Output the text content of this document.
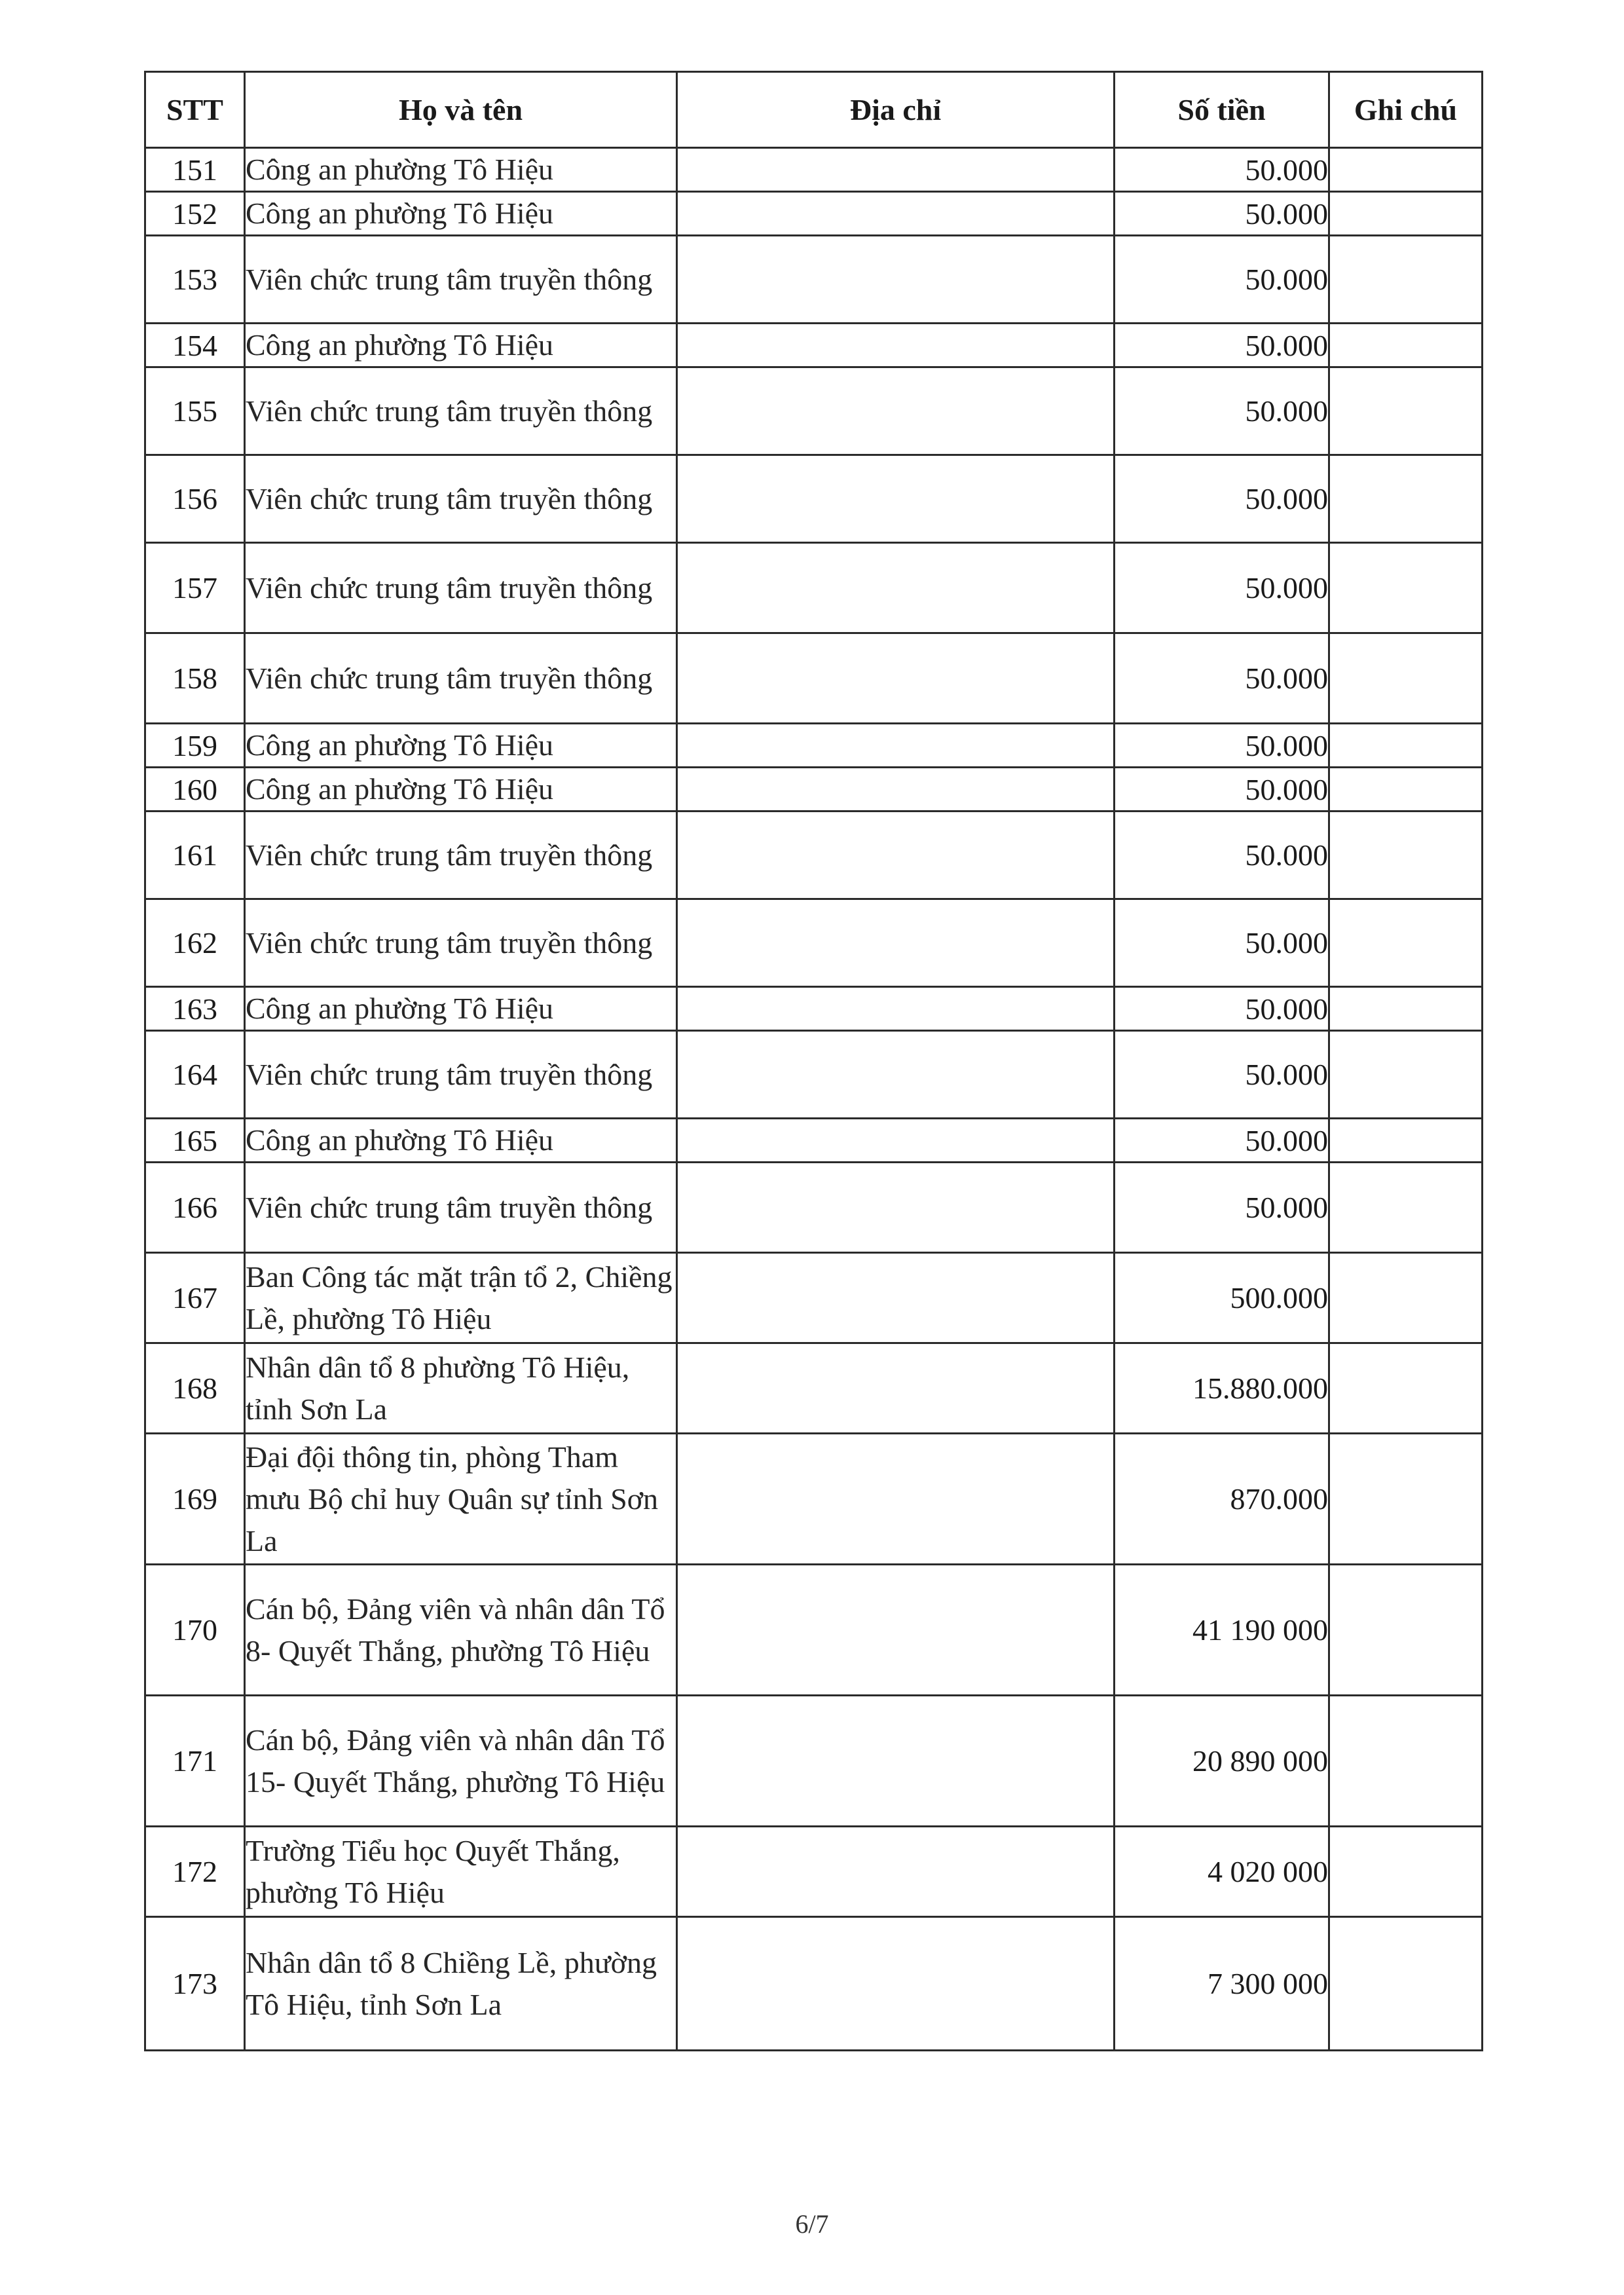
STT	Họ và tên	Địa chỉ	Số tiền	Ghi chú
151	Công an phường Tô Hiệu		50.000	
152	Công an phường Tô Hiệu		50.000	
153	Viên chức trung tâm truyền thông		50.000	
154	Công an phường Tô Hiệu		50.000	
155	Viên chức trung tâm truyền thông		50.000	
156	Viên chức trung tâm truyền thông		50.000	
157	Viên chức trung tâm truyền thông		50.000	
158	Viên chức trung tâm truyền thông		50.000	
159	Công an phường Tô Hiệu		50.000	
160	Công an phường Tô Hiệu		50.000	
161	Viên chức trung tâm truyền thông		50.000	
162	Viên chức trung tâm truyền thông		50.000	
163	Công an phường Tô Hiệu		50.000	
164	Viên chức trung tâm truyền thông		50.000	
165	Công an phường Tô Hiệu		50.000	
166	Viên chức trung tâm truyền thông		50.000	
167	Ban Công tác mặt trận tổ 2, Chiềng Lề, phường Tô Hiệu		500.000	
168	Nhân dân tổ 8 phường Tô Hiệu, tỉnh Sơn La		15.880.000	
169	Đại đội thông tin, phòng Tham mưu Bộ chỉ huy Quân sự tỉnh Sơn La		870.000	
170	Cán bộ, Đảng viên và nhân dân Tổ 8- Quyết Thắng, phường Tô Hiệu		41 190 000	
171	Cán bộ, Đảng viên và nhân dân Tổ 15- Quyết Thắng, phường Tô Hiệu		20 890 000	
172	Trường Tiểu học Quyết Thắng, phường Tô Hiệu		4 020 000	
173	Nhân dân tổ 8 Chiềng Lề, phường Tô Hiệu, tỉnh Sơn La		7 300 000	
6/7
